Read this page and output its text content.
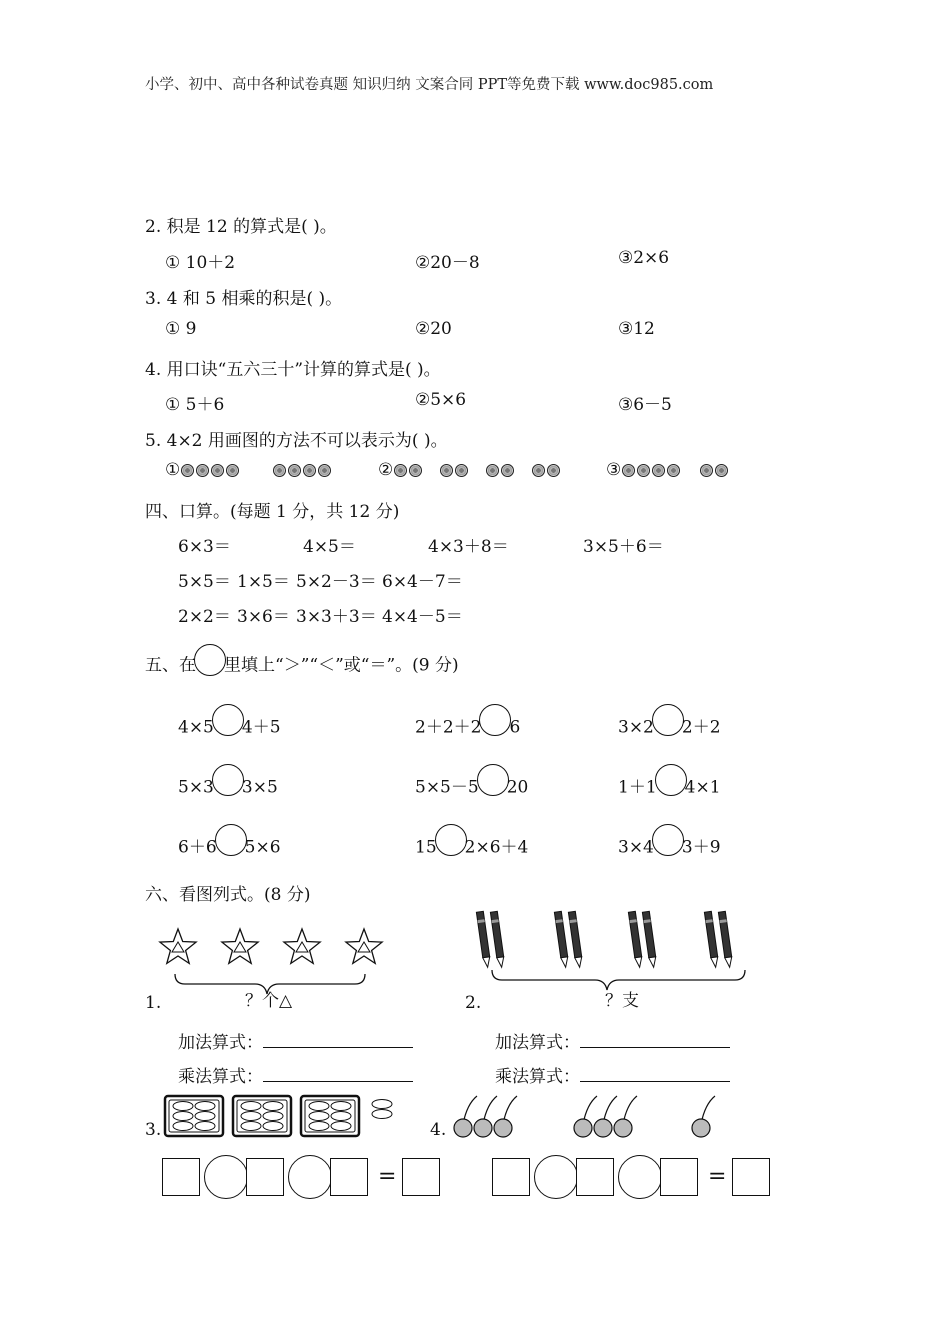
小学、初中、高中各种试卷真题 知识归纳 文案合同 PPT等免费下载 www.doc985.com
2. 积是 12 的算式是( )。
① 10＋2	②20－8	③2×6
3. 4 和 5 相乘的积是( )。
① 9	②20	③12
4. 用口诀“五六三十”计算的算式是( )。
① 5＋6	②5×6	③6－5
5. 4×2 用画图的方法不可以表示为( )。
①	②	③
四、口算。(每题 1 分，共 12 分)
6×3＝	4×5＝	4×3＋8＝	3×5＋6＝
5×5＝ 1×5＝ 5×2－3＝ 6×4－7＝
2×2＝ 3×6＝ 3×3＋3＝ 4×4－5＝
五、在 里填上“＞”“＜”或“＝”。(9 分)
4×5 4＋5	2＋2＋2 6	3×2 2＋2
5×3 3×5	5×5－5 20	1＋1 4×1
6＋6 5×6	15 2×6＋4	3×4 3＋9
六、看图列式。(8 分)
？个△
1.	？支
2.
加法算式：	加法算式：
乘法算式：	乘法算式：
3.	4.
=	=
